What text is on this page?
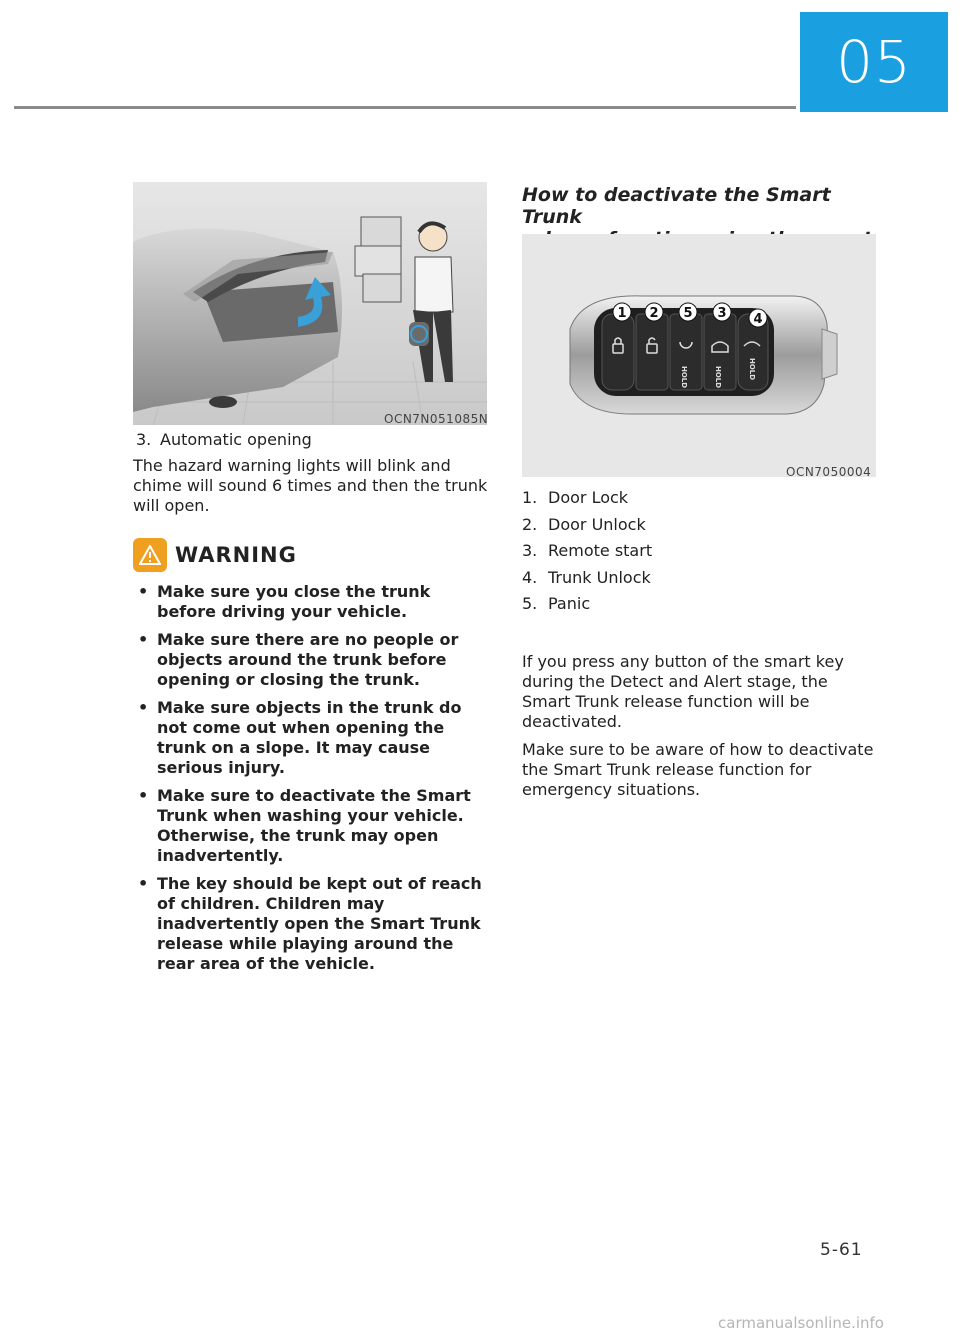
05
OCN7N051085N
3. Automatic opening

The hazard warning lights will blink and chime will sound 6 times and then the trunk will open.

WARNING
• Make sure you close the trunk before driving your vehicle.
• Make sure there are no people or objects around the trunk before opening or closing the trunk.
• Make sure objects in the trunk do not come out when opening the trunk on a slope. It may cause serious injury.
• Make sure to deactivate the Smart Trunk when washing your vehicle. Otherwise, the trunk may open inadvertently.
• The key should be kept out of reach of children. Children may inadvertently open the Smart Trunk release while playing around the rear area of the vehicle.
How to deactivate the Smart Trunk
HOLD	HOLD	HOLD
1 2 5 3 4
OCN7050004
1. Door Lock
2. Door Unlock
3. Remote start
4. Trunk Unlock
5. Panic

If you press any button of the smart key during the Detect and Alert stage, the Smart Trunk release function will be deactivated.

Make sure to be aware of how to deactivate the Smart Trunk release function for emergency situations.

5-61
carmanualsonline.info
